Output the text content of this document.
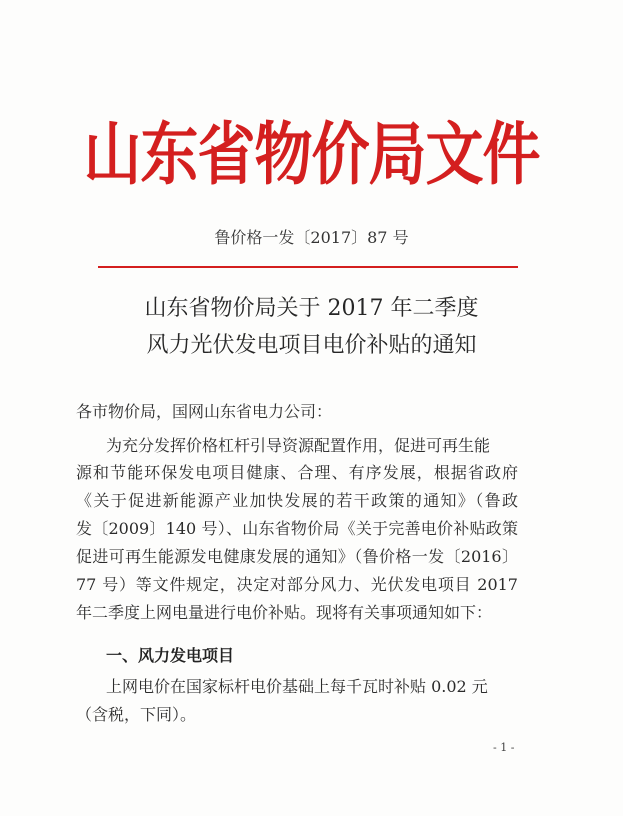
山东省物价局文件
鲁价格一发〔2017〕87 号
山东省物价局关于 2017 年二季度
风力光伏发电项目电价补贴的通知
各市物价局，国网山东省电力公司：
为充分发挥价格杠杆引导资源配置作用，促进可再生能
源和节能环保发电项目健康、合理、有序发展，根据省政府
《关于促进新能源产业加快发展的若干政策的通知》（鲁政
发〔2009〕140 号）、山东省物价局《关于完善电价补贴政策
促进可再生能源发电健康发展的通知》（鲁价格一发〔2016〕
77 号）等文件规定，决定对部分风力、光伏发电项目 2017
年二季度上网电量进行电价补贴。现将有关事项通知如下：
一、风力发电项目
上网电价在国家标杆电价基础上每千瓦时补贴 0.02 元
（含税，下同）。
- 1 -
